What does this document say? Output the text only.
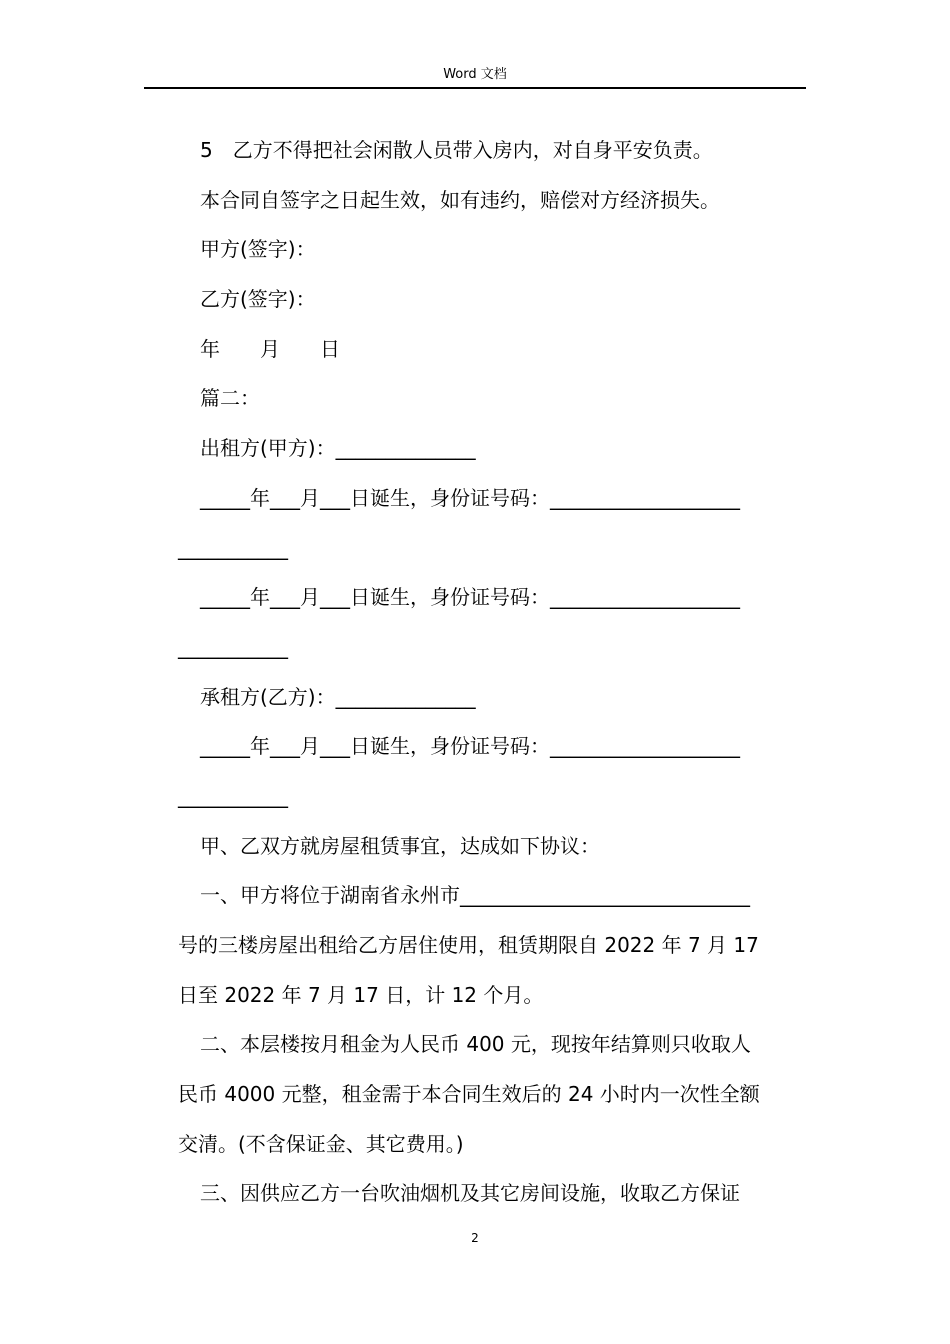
Word 文档
5　乙方不得把社会闲散人员带入房内，对自身平安负责。
本合同自签字之日起生效，如有违约，赔偿对方经济损失。
甲方(签字)：
乙方(签字)：
年　　月　　日
篇二：
出租方(甲方)：______________
_____年___月___日诞生，身份证号码：___________________
___________
_____年___月___日诞生，身份证号码：___________________
___________
承租方(乙方)：______________
_____年___月___日诞生，身份证号码：___________________
___________
甲、乙双方就房屋租赁事宜，达成如下协议：
一、甲方将位于湖南省永州市_____________________________
号的三楼房屋出租给乙方居住使用，租赁期限自 2022 年 7 月 17
日至 2022 年 7 月 17 日，计 12 个月。
二、本层楼按月租金为人民币 400 元，现按年结算则只收取人
民币 4000 元整，租金需于本合同生效后的 24 小时内一次性全额
交清。(不含保证金、其它费用。)
三、因供应乙方一台吹油烟机及其它房间设施，收取乙方保证
2
